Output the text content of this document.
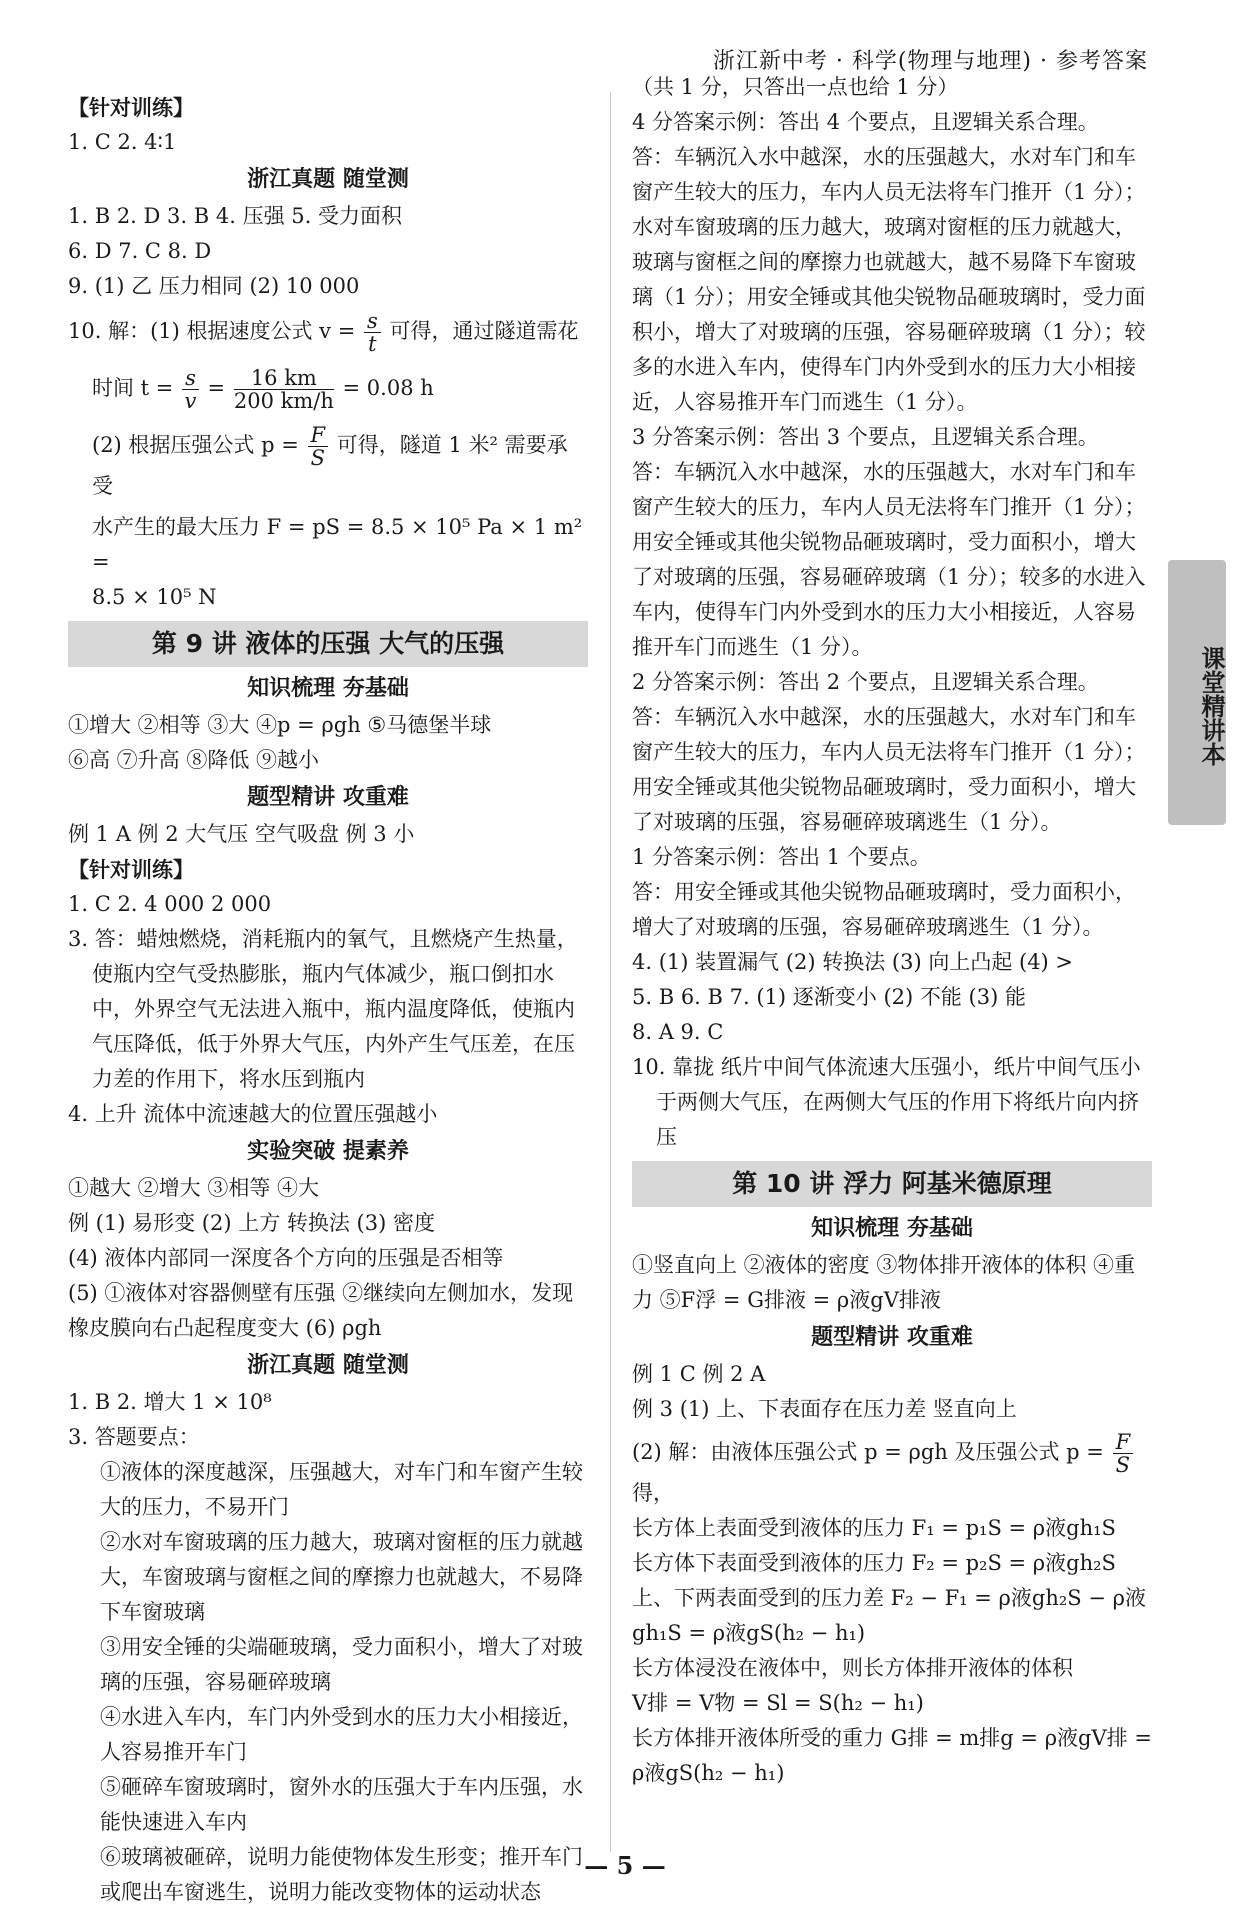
浙江新中考 · 科学(物理与地理) · 参考答案

【针对训练】

1. C 2. 4∶1

浙江真题 随堂测

1. B 2. D 3. B 4. 压强 5. 受力面积

6. D 7. C 8. D

9. (1) 乙 压力相同 (2) 10 000

10. 解：(1) 根据速度公式 $v = \frac{s}{t}$ 可得，通过隧道需花

时间 $t = \frac{s}{v} = \frac{16 km}{200 km/h} = 0.08$ h

(2) 根据压强公式 $p = \frac{F}{S}$ 可得，隧道 1 米² 需要承受

水产生的最大压力 F = pS = 8.5 × 10⁵ Pa × 1 m² =

8.5 × 10⁵ N

第 9 讲 液体的压强 大气的压强

知识梳理 夯基础

①增大 ②相等 ③大 ④p = ρgh ⑤马德堡半球

⑥高 ⑦升高 ⑧降低 ⑨越小

题型精讲 攻重难

例 1 A 例 2 大气压 空气吸盘 例 3 小

【针对训练】

1. C 2. 4 000 2 000

3. 答：蜡烛燃烧，消耗瓶内的氧气，且燃烧产生热量，使瓶内空气受热膨胀，瓶内气体减少，瓶口倒扣水中，外界空气无法进入瓶中，瓶内温度降低，使瓶内气压降低，低于外界大气压，内外产生气压差，在压力差的作用下，将水压到瓶内

4. 上升 流体中流速越大的位置压强越小

实验突破 提素养

①越大 ②增大 ③相等 ④大

例 (1) 易形变 (2) 上方 转换法 (3) 密度

(4) 液体内部同一深度各个方向的压强是否相等

(5) ①液体对容器侧壁有压强 ②继续向左侧加水，发现橡皮膜向右凸起程度变大 (6) ρgh

浙江真题 随堂测

1. B 2. 增大 1 × 10⁸

3. 答题要点：

①液体的深度越深，压强越大，对车门和车窗产生较大的压力，不易开门

②水对车窗玻璃的压力越大，玻璃对窗框的压力就越大，车窗玻璃与窗框之间的摩擦力也就越大，不易降下车窗玻璃

③用安全锤的尖端砸玻璃，受力面积小，增大了对玻璃的压强，容易砸碎玻璃

④水进入车内，车门内外受到水的压力大小相接近，人容易推开车门

⑤砸碎车窗玻璃时，窗外水的压强大于车内压强，水能快速进入车内

⑥玻璃被砸碎，说明力能使物体发生形变；推开车门或爬出车窗逃生，说明力能改变物体的运动状态

（共 1 分，只答出一点也给 1 分）

4 分答案示例：答出 4 个要点，且逻辑关系合理。

答：车辆沉入水中越深，水的压强越大，水对车门和车窗产生较大的压力，车内人员无法将车门推开（1 分）；水对车窗玻璃的压力越大，玻璃对窗框的压力就越大，玻璃与窗框之间的摩擦力也就越大，越不易降下车窗玻璃（1 分）；用安全锤或其他尖锐物品砸玻璃时，受力面积小，增大了对玻璃的压强，容易砸碎玻璃（1 分）；较多的水进入车内，使得车门内外受到水的压力大小相接近，人容易推开车门而逃生（1 分）。

3 分答案示例：答出 3 个要点，且逻辑关系合理。

答：车辆沉入水中越深，水的压强越大，水对车门和车窗产生较大的压力，车内人员无法将车门推开（1 分）；用安全锤或其他尖锐物品砸玻璃时，受力面积小，增大了对玻璃的压强，容易砸碎玻璃（1 分）；较多的水进入车内，使得车门内外受到水的压力大小相接近，人容易推开车门而逃生（1 分）。

2 分答案示例：答出 2 个要点，且逻辑关系合理。

答：车辆沉入水中越深，水的压强越大，水对车门和车窗产生较大的压力，车内人员无法将车门推开（1 分）；用安全锤或其他尖锐物品砸玻璃时，受力面积小，增大了对玻璃的压强，容易砸碎玻璃逃生（1 分）。

1 分答案示例：答出 1 个要点。

答：用安全锤或其他尖锐物品砸玻璃时，受力面积小，增大了对玻璃的压强，容易砸碎玻璃逃生（1 分）。

4. (1) 装置漏气 (2) 转换法 (3) 向上凸起 (4) >

5. B 6. B 7. (1) 逐渐变小 (2) 不能 (3) 能

8. A 9. C

10. 靠拢 纸片中间气体流速大压强小，纸片中间气压小于两侧大气压，在两侧大气压的作用下将纸片向内挤压

第 10 讲 浮力 阿基米德原理

知识梳理 夯基础

①竖直向上 ②液体的密度 ③物体排开液体的体积 ④重力 ⑤F浮 = G排液 = ρ液gV排液

题型精讲 攻重难

例 1 C 例 2 A

例 3 (1) 上、下表面存在压力差 竖直向上

(2) 解：由液体压强公式 p = ρgh 及压强公式 $p = \frac{F}{S}$
得，

长方体上表面受到液体的压力 F₁ = p₁S = ρ液gh₁S

长方体下表面受到液体的压力 F₂ = p₂S = ρ液gh₂S

上、下两表面受到的压力差 F₂ − F₁ = ρ液gh₂S − ρ液gh₁S = ρ液gS(h₂ − h₁)

长方体浸没在液体中，则长方体排开液体的体积

V排 = V物 = Sl = S(h₂ − h₁)

长方体排开液体所受的重力 G排 = m排g = ρ液gV排 = ρ液gS(h₂ − h₁)

课堂精讲本
— 5 —
